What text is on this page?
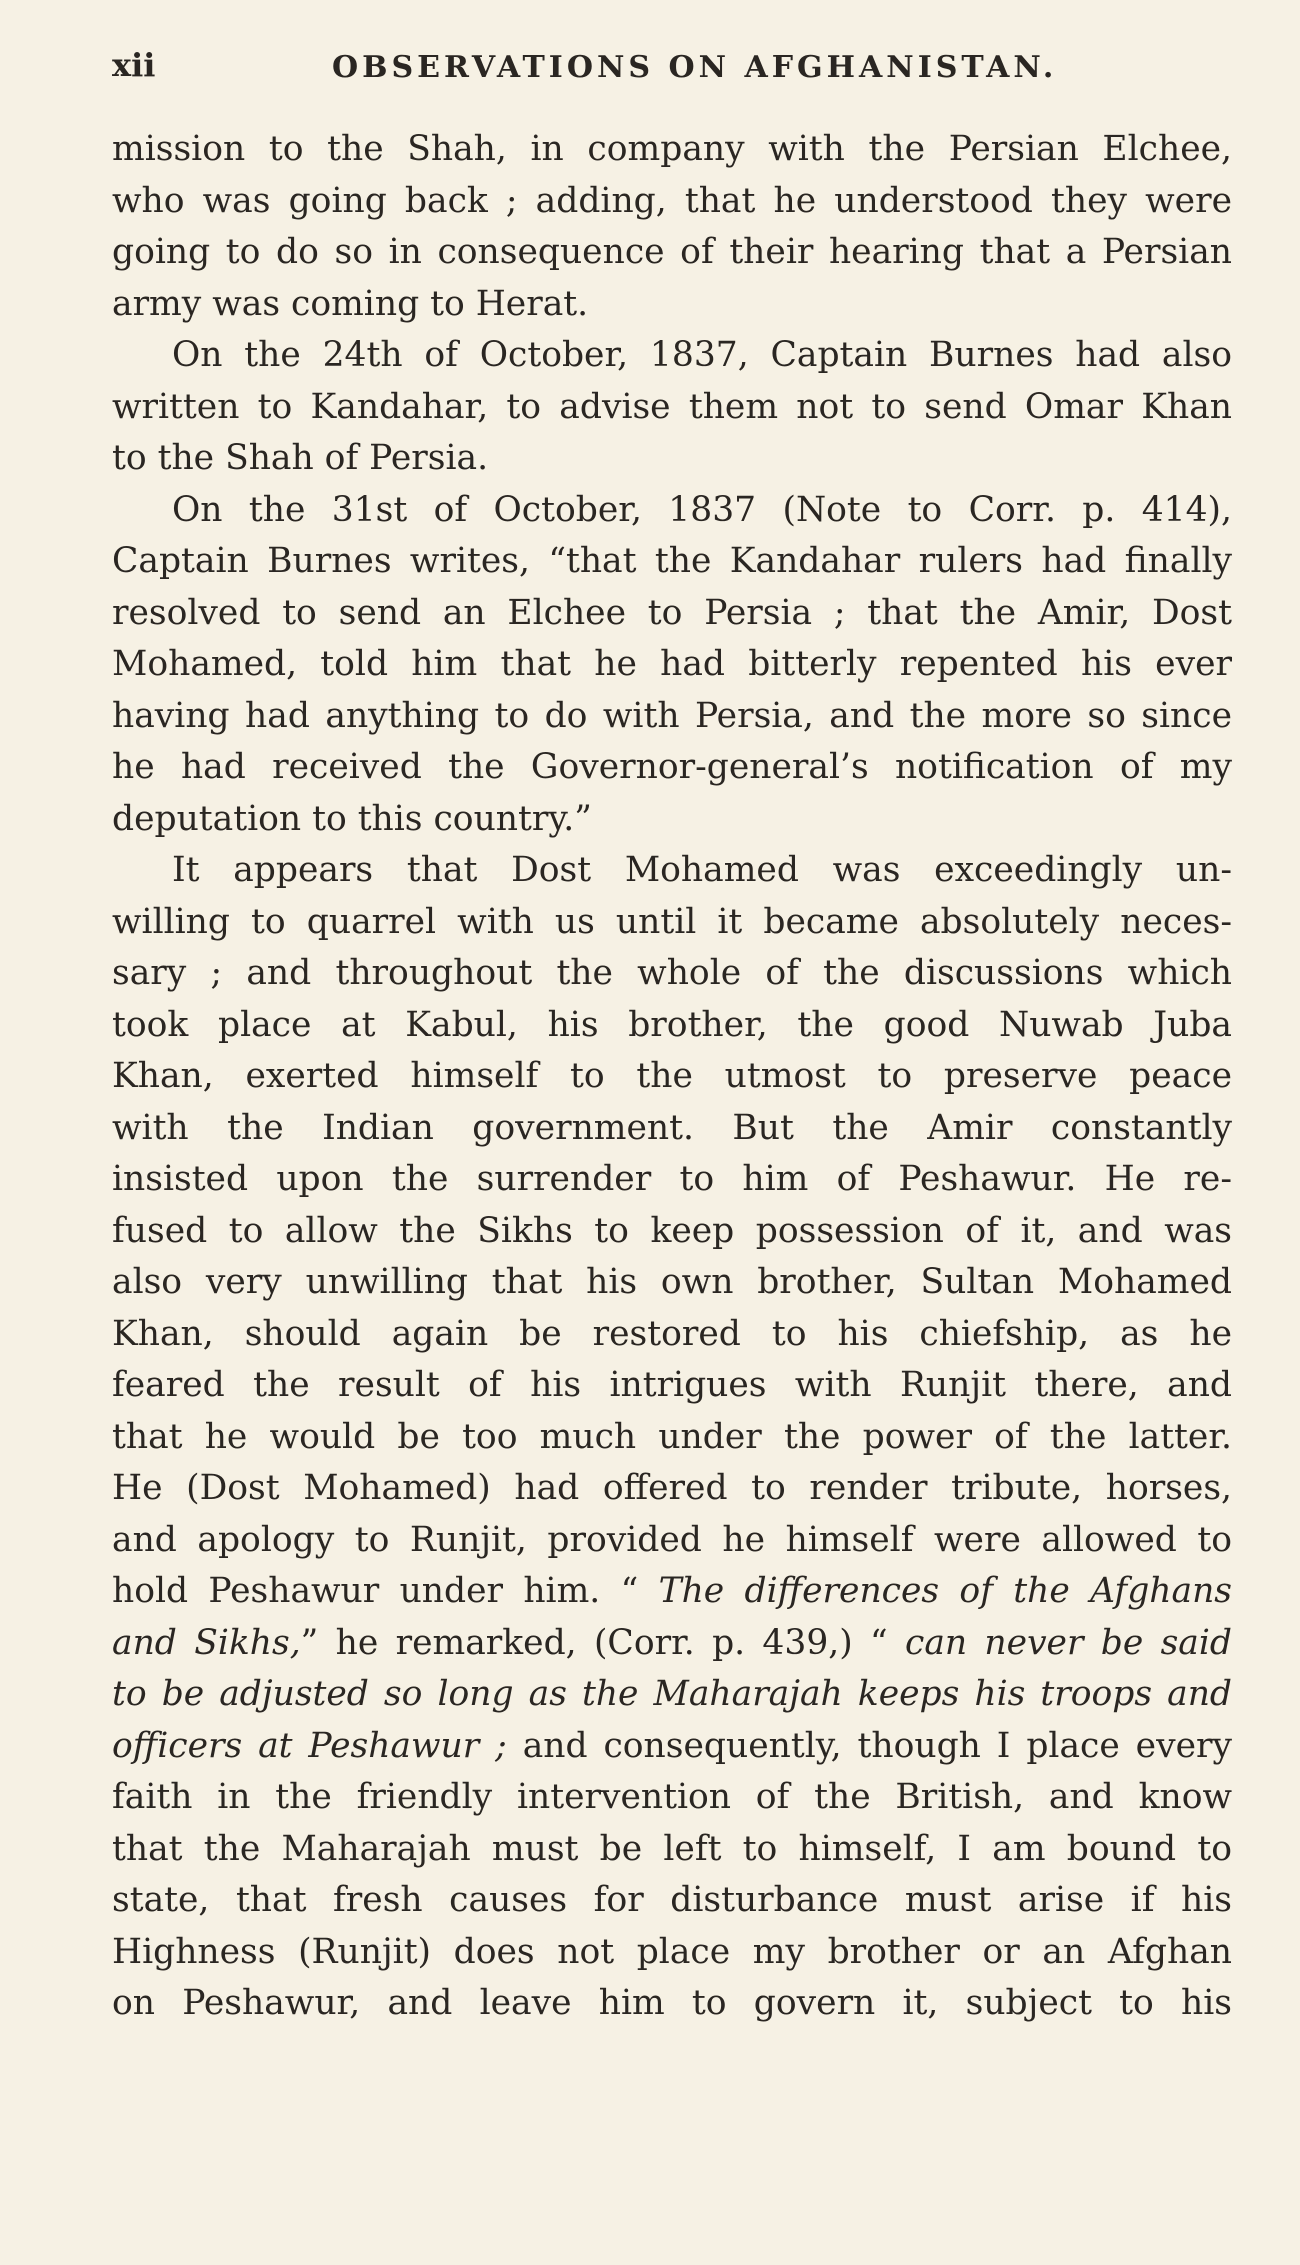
xii	OBSERVATIONS ON AFGHANISTAN.
mission to the Shah, in company with the Persian Elchee,
who was going back ; adding, that he understood they were
going to do so in consequence of their hearing that a Persian
army was coming to Herat.
On the 24th of October, 1837, Captain Burnes had also
written to Kandahar, to advise them not to send Omar Khan
to the Shah of Persia.
On the 31st of October, 1837 (Note to Corr. p. 414),
Captain Burnes writes, “that the Kandahar rulers had finally
resolved to send an Elchee to Persia ; that the Amir, Dost
Mohamed, told him that he had bitterly repented his ever
having had anything to do with Persia, and the more so since
he had received the Governor-general’s notification of my
deputation to this country.”
It appears that Dost Mohamed was exceedingly un-
willing to quarrel with us until it became absolutely neces-
sary ; and throughout the whole of the discussions which
took place at Kabul, his brother, the good Nuwab Juba
Khan, exerted himself to the utmost to preserve peace
with the Indian government. But the Amir constantly
insisted upon the surrender to him of Peshawur. He re-
fused to allow the Sikhs to keep possession of it, and was
also very unwilling that his own brother, Sultan Mohamed
Khan, should again be restored to his chiefship, as he
feared the result of his intrigues with Runjit there, and
that he would be too much under the power of the latter.
He (Dost Mohamed) had offered to render tribute, horses,
and apology to Runjit, provided he himself were allowed to
hold Peshawur under him. “ The differences of the Afghans
and Sikhs,” he remarked, (Corr. p. 439,) “ can never be said
to be adjusted so long as the Maharajah keeps his troops and
officers at Peshawur ; and consequently, though I place every
faith in the friendly intervention of the British, and know
that the Maharajah must be left to himself, I am bound to
state, that fresh causes for disturbance must arise if his
Highness (Runjit) does not place my brother or an Afghan
on Peshawur, and leave him to govern it, subject to his
